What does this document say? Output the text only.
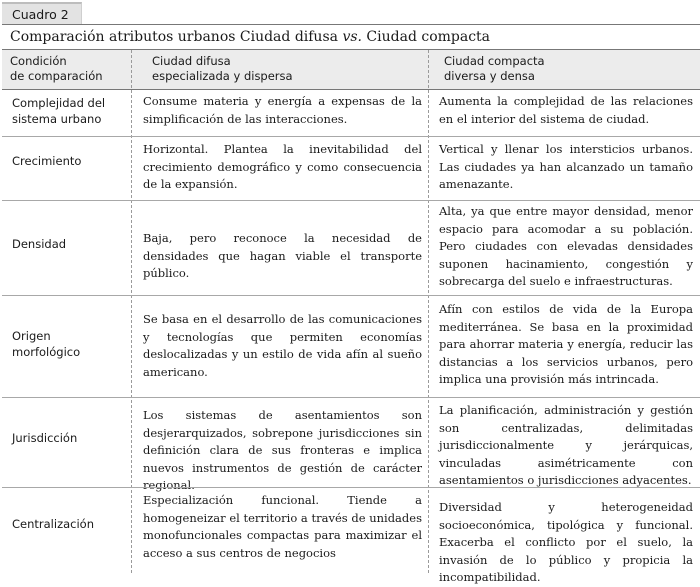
Cuadro 2
Comparación atributos urbanos Ciudad difusa vs. Ciudad compacta
Condición
de comparación
Ciudad difusa
especializada y dispersa
Ciudad compacta
diversa y densa
Complejidad del
sistema urbano
Consume materia y energía a expensas de la simplificación de las interacciones.
Aumenta la complejidad de las relaciones en el interior del sistema de ciudad.
Crecimiento
Horizontal. Plantea la inevitabilidad del crecimiento demográfico y como consecuencia de la expansión.
Vertical y llenar los intersticios urbanos. Las ciudades ya han alcanzado un tamaño amenazante.
Densidad	Baja, pero reconoce la necesidad de densidades que hagan viable el transporte público.
Alta, ya que entre mayor densidad, menor espacio para acomodar a su población. Pero ciudades con elevadas densidades suponen hacinamiento, congestión y sobrecarga del suelo e infraestructuras.
Origen
morfológico
Se basa en el desarrollo de las comunicaciones y tecnologías que permiten economías deslocalizadas y un estilo de vida afín al sueño americano.
Afín con estilos de vida de la Europa mediterránea. Se basa en la proximidad para ahorrar materia y energía, reducir las distancias a los servicios urbanos, pero implica una provisión más intrincada.
Jurisdicción
Los sistemas de asentamientos son desjerarquizados, sobrepone jurisdicciones sin definición clara de sus fronteras e implica nuevos instrumentos de gestión de carácter regional.
La planificación, administración y gestión son centralizadas, delimitadas jurisdiccionalmente y jerárquicas, vinculadas asimétricamente con asentamientos o jurisdicciones adyacentes.
Centralización
Especialización funcional. Tiende a homogeneizar el territorio a través de unidades monofuncionales compactas para maximizar el acceso a sus centros de negocios
Diversidad y heterogeneidad socioeconómica, tipológica y funcional. Exacerba el conflicto por el suelo, la invasión de lo público y propicia la incompatibilidad.
